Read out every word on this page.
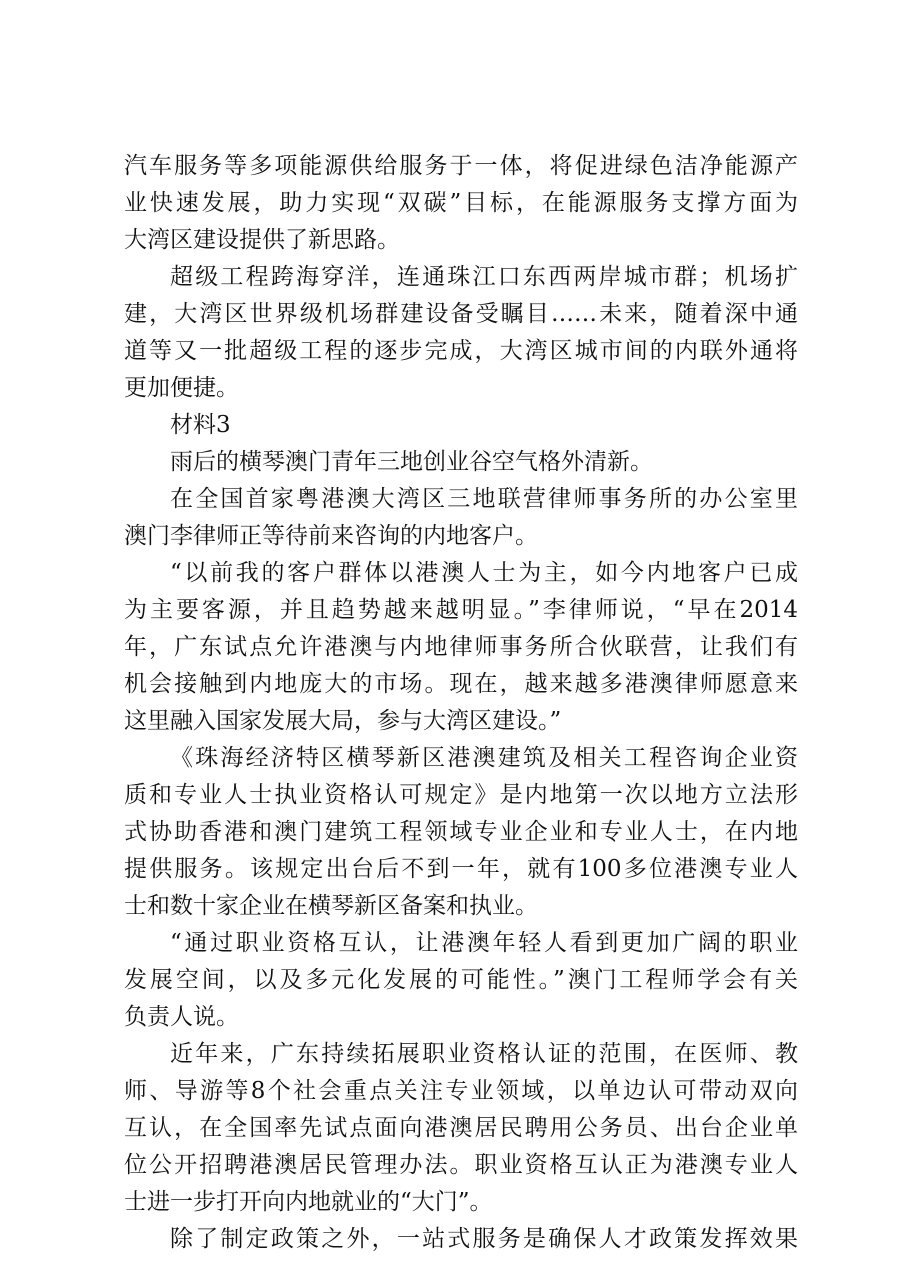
汽车服务等多项能源供给服务于一体，将促进绿色洁净能源产
业快速发展，助力实现“双碳”目标，在能源服务支撑方面为
大湾区建设提供了新思路。
超级工程跨海穿洋，连通珠江口东西两岸城市群；机场扩
建，大湾区世界级机场群建设备受瞩目……未来，随着深中通
道等又一批超级工程的逐步完成，大湾区城市间的内联外通将
更加便捷。
材料3
雨后的横琴澳门青年三地创业谷空气格外清新。
在全国首家粤港澳大湾区三地联营律师事务所的办公室里
澳门李律师正等待前来咨询的内地客户。
“以前我的客户群体以港澳人士为主，如今内地客户已成
为主要客源，并且趋势越来越明显。”李律师说，“早在2014
年，广东试点允许港澳与内地律师事务所合伙联营，让我们有
机会接触到内地庞大的市场。现在，越来越多港澳律师愿意来
这里融入国家发展大局，参与大湾区建设。”
《珠海经济特区横琴新区港澳建筑及相关工程咨询企业资
质和专业人士执业资格认可规定》是内地第一次以地方立法形
式协助香港和澳门建筑工程领域专业企业和专业人士，在内地
提供服务。该规定出台后不到一年，就有100多位港澳专业人
士和数十家企业在横琴新区备案和执业。
“通过职业资格互认，让港澳年轻人看到更加广阔的职业
发展空间，以及多元化发展的可能性。”澳门工程师学会有关
负责人说。
近年来，广东持续拓展职业资格认证的范围，在医师、教
师、导游等8个社会重点关注专业领域，以单边认可带动双向
互认，在全国率先试点面向港澳居民聘用公务员、出台企业单
位公开招聘港澳居民管理办法。职业资格互认正为港澳专业人
士进一步打开向内地就业的“大门”。
除了制定政策之外，一站式服务是确保人才政策发挥效果
